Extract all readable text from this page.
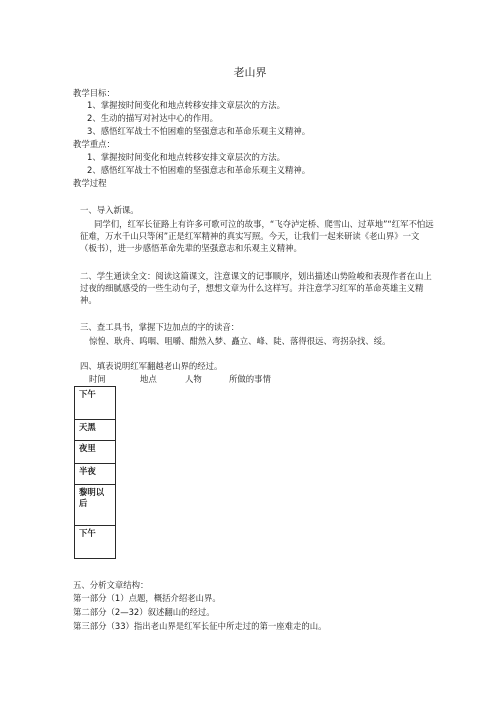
老山界
教学目标：
1、掌握按时间变化和地点转移安排文章层次的方法。
2、生动的描写对衬达中心的作用。
3、感悟红军战士不怕困难的坚强意志和革命乐观主义精神。
教学重点：
1、掌握按时间变化和地点转移安排文章层次的方法。
2、感悟红军战士不怕困难的坚强意志和革命乐观主义精神。
教学过程
一、导入新课。
同学们，红军长征路上有许多可歌可泣的故事，“飞夺泸定桥、爬雪山、过草地”“红军不怕远征难，万水千山只等闲”正是红军精神的真实写照。今天，让我们一起来研读《老山界》一文（板书），进一步感悟革命先辈的坚强意志和乐观主义精神。
二、学生通读全文：阅读这篇课文，注意课文的记事顺序，划出描述山势险峻和表现作者在山上过夜的细腻感受的一些生动句子，想想文章为什么这样写。并注意学习红军的革命英雄主义精神。
三、查工具书，掌握下边加点的字的读音：
惊惶、耿舟、呜咽、咀嚼、酣然入梦、矗立、峰、陡、落得很远、弯拐杂找、绥。
四、填表说明红军翻越老山界的经过。
时间	地点	人物	所做的事情
下午
天黑
夜里
半夜
黎明以后
下午
五、分析文章结构：
第一部分（1）点题，概括介绍老山界。
第二部分（2—32）叙述翻山的经过。
第三部分（33）指出老山界是红军长征中所走过的第一座难走的山。
